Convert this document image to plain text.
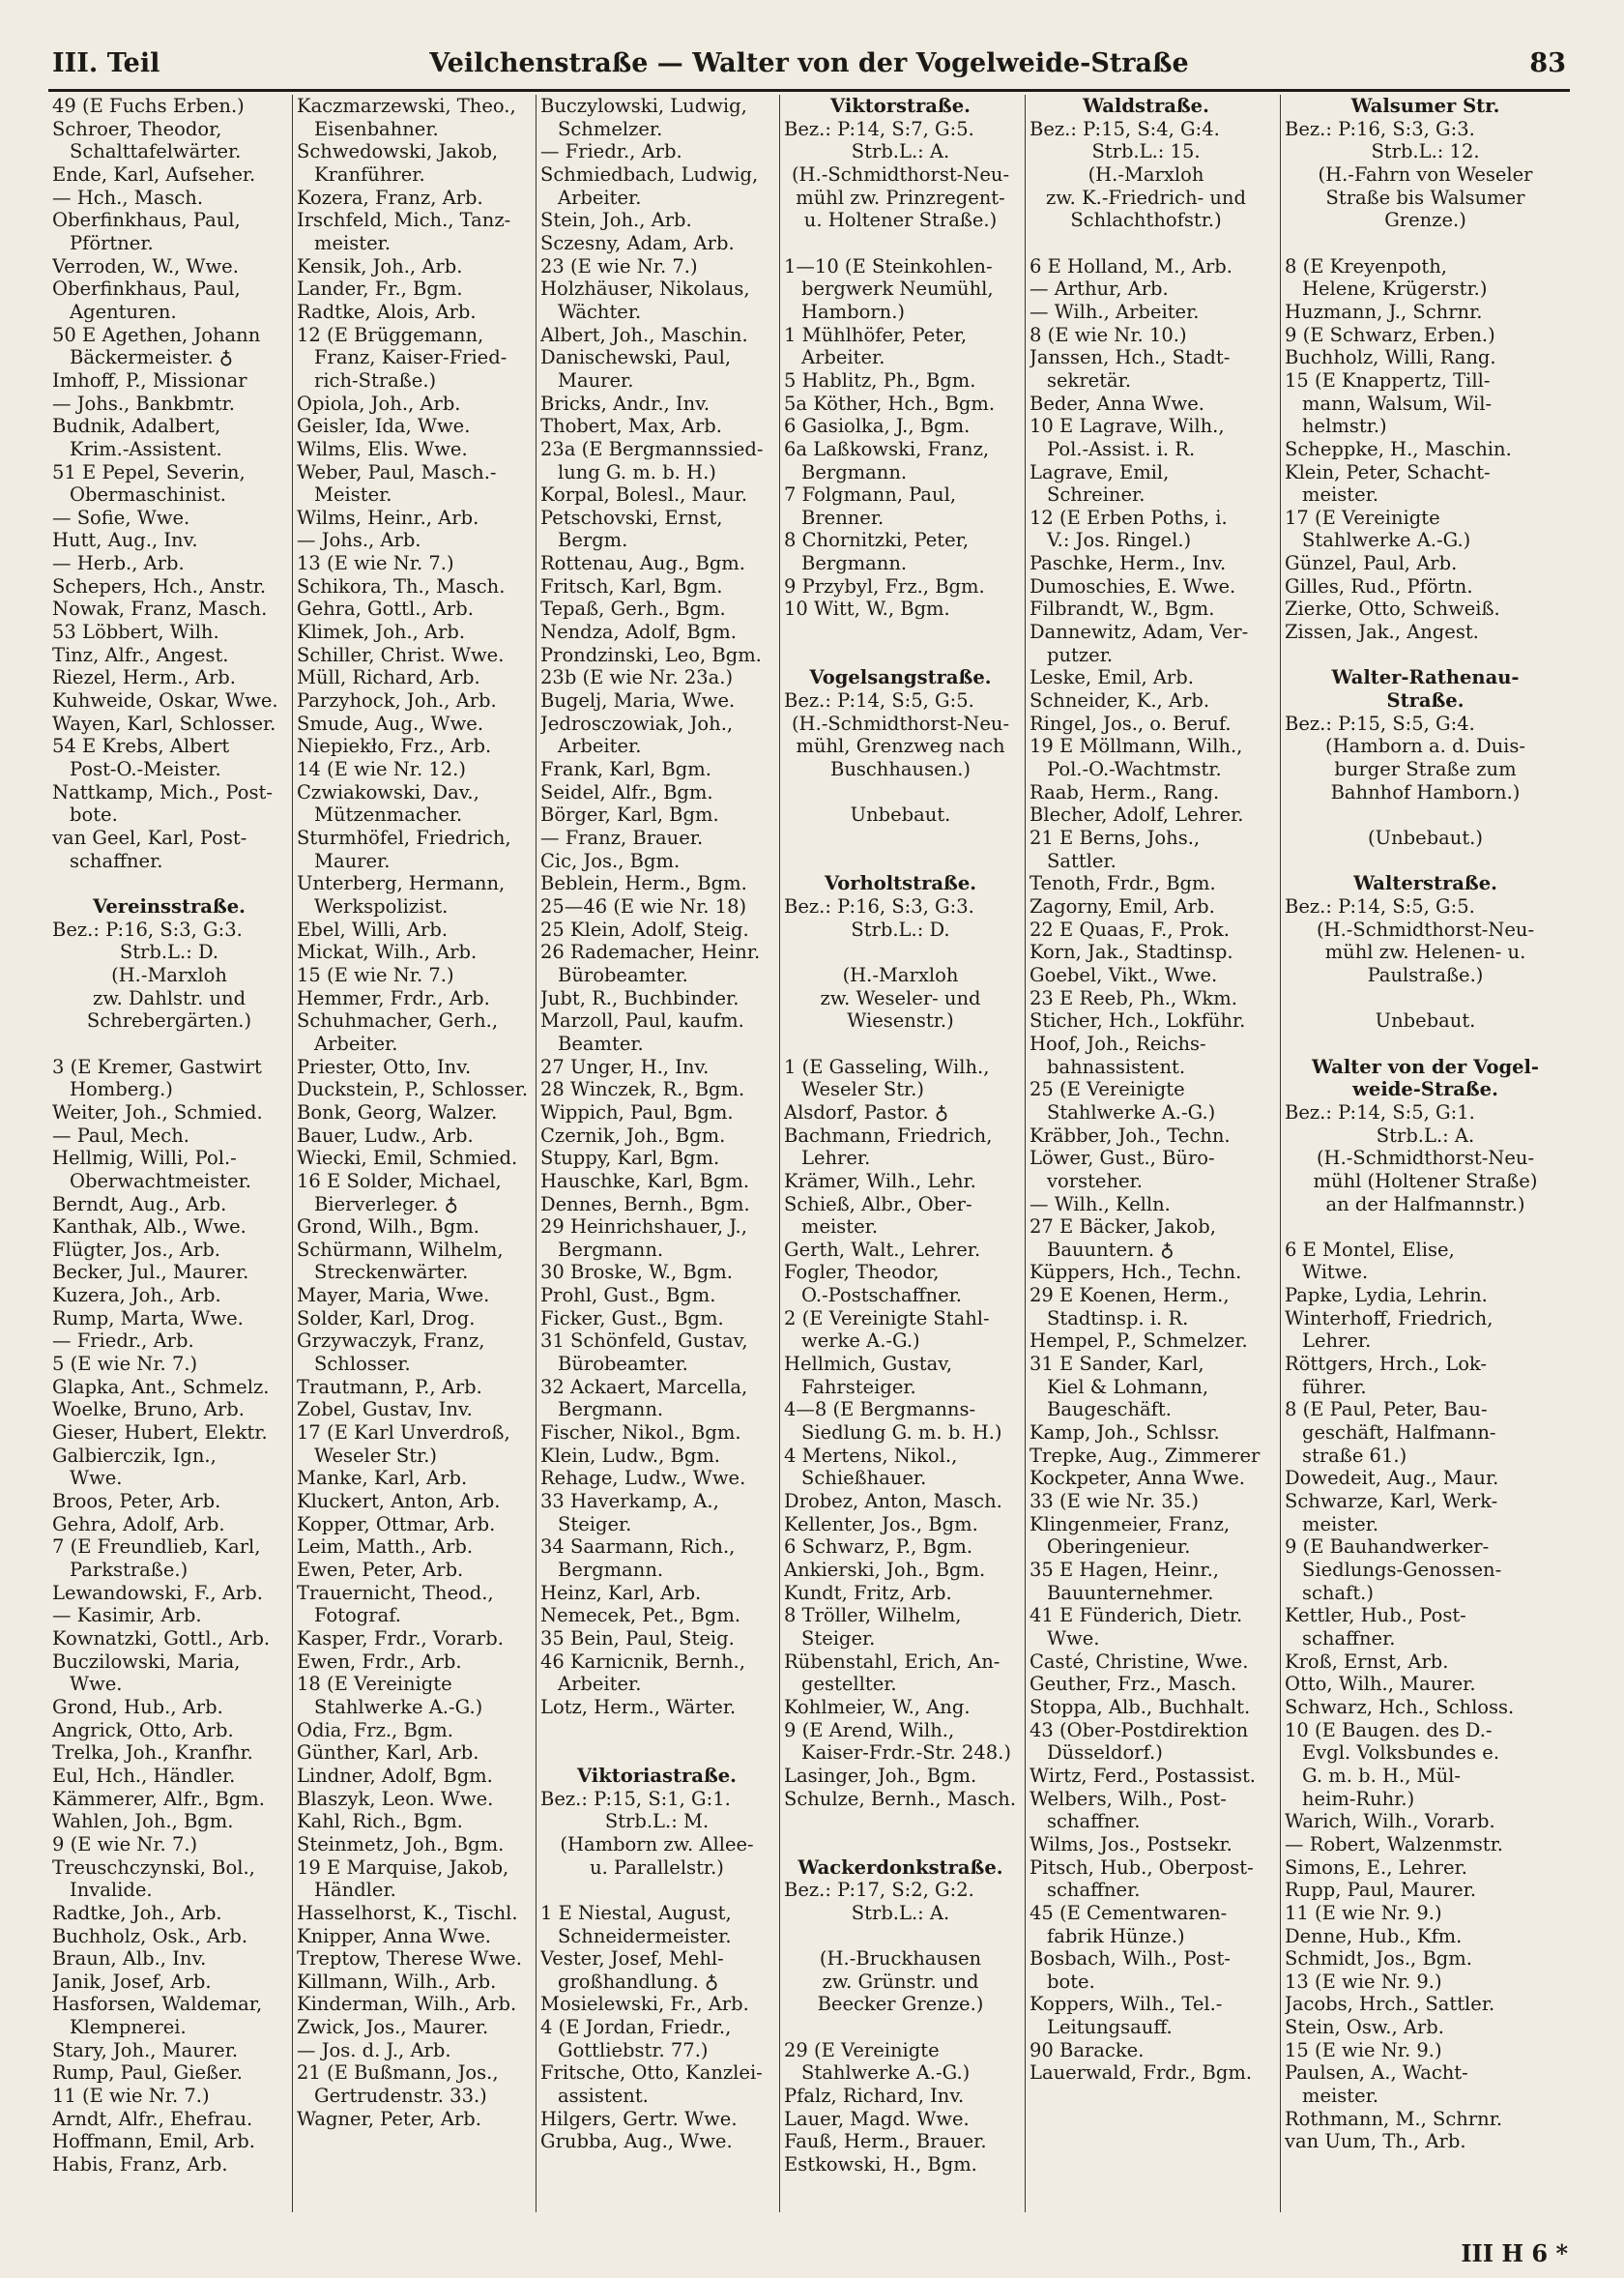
III. Teil	Veilchenstraße — Walter von der Vogelweide-Straße	83
49 (E Fuchs Erben.)
Schroer, Theodor,
Schalttafelwärter.
Ende, Karl, Aufseher.
— Hch., Masch.
Oberfinkhaus, Paul,
Pförtner.
Verroden, W., Wwe.
Oberfinkhaus, Paul,
Agenturen.
50 E Agethen, Johann
Bäckermeister. ♁
Imhoff, P., Missionar
— Johs., Bankbmtr.
Budnik, Adalbert,
Krim.-Assistent.
51 E Pepel, Severin,
Obermaschinist.
— Sofie, Wwe.
Hutt, Aug., Inv.
— Herb., Arb.
Schepers, Hch., Anstr.
Nowak, Franz, Masch.
53 Löbbert, Wilh.
Tinz, Alfr., Angest.
Riezel, Herm., Arb.
Kuhweide, Oskar, Wwe.
Wayen, Karl, Schlosser.
54 E Krebs, Albert
Post-O.-Meister.
Nattkamp, Mich., Post-
bote.
van Geel, Karl, Post-
schaffner.

Vereinsstraße.
Bez.: P:16, S:3, G:3.
Strb.L.: D.
(H.-Marxloh
zw. Dahlstr. und
Schrebergärten.)

3 (E Kremer, Gastwirt
Homberg.)
Weiter, Joh., Schmied.
— Paul, Mech.
Hellmig, Willi, Pol.-
Oberwachtmeister.
Berndt, Aug., Arb.
Kanthak, Alb., Wwe.
Flügter, Jos., Arb.
Becker, Jul., Maurer.
Kuzera, Joh., Arb.
Rump, Marta, Wwe.
— Friedr., Arb.
5 (E wie Nr. 7.)
Glapka, Ant., Schmelz.
Woelke, Bruno, Arb.
Gieser, Hubert, Elektr.
Galbierczik, Ign.,
Wwe.
Broos, Peter, Arb.
Gehra, Adolf, Arb.
7 (E Freundlieb, Karl,
Parkstraße.)
Lewandowski, F., Arb.
— Kasimir, Arb.
Kownatzki, Gottl., Arb.
Buczilowski, Maria,
Wwe.
Grond, Hub., Arb.
Angrick, Otto, Arb.
Trelka, Joh., Kranfhr.
Eul, Hch., Händler.
Kämmerer, Alfr., Bgm.
Wahlen, Joh., Bgm.
9 (E wie Nr. 7.)
Treuschczynski, Bol.,
Invalide.
Radtke, Joh., Arb.
Buchholz, Osk., Arb.
Braun, Alb., Inv.
Janik, Josef, Arb.
Hasforsen, Waldemar,
Klempnerei.
Stary, Joh., Maurer.
Rump, Paul, Gießer.
11 (E wie Nr. 7.)
Arndt, Alfr., Ehefrau.
Hoffmann, Emil, Arb.
Habis, Franz, Arb.
Kaczmarzewski, Theo.,
Eisenbahner.
Schwedowski, Jakob,
Kranführer.
Kozera, Franz, Arb.
Irschfeld, Mich., Tanz-
meister.
Kensik, Joh., Arb.
Lander, Fr., Bgm.
Radtke, Alois, Arb.
12 (E Brüggemann,
Franz, Kaiser-Fried-
rich-Straße.)
Opiola, Joh., Arb.
Geisler, Ida, Wwe.
Wilms, Elis. Wwe.
Weber, Paul, Masch.-
Meister.
Wilms, Heinr., Arb.
— Johs., Arb.
13 (E wie Nr. 7.)
Schikora, Th., Masch.
Gehra, Gottl., Arb.
Klimek, Joh., Arb.
Schiller, Christ. Wwe.
Müll, Richard, Arb.
Parzyhock, Joh., Arb.
Smude, Aug., Wwe.
Niepiekło, Frz., Arb.
14 (E wie Nr. 12.)
Czwiakowski, Dav.,
Mützenmacher.
Sturmhöfel, Friedrich,
Maurer.
Unterberg, Hermann,
Werkspolizist.
Ebel, Willi, Arb.
Mickat, Wilh., Arb.
15 (E wie Nr. 7.)
Hemmer, Frdr., Arb.
Schuhmacher, Gerh.,
Arbeiter.
Priester, Otto, Inv.
Duckstein, P., Schlosser.
Bonk, Georg, Walzer.
Bauer, Ludw., Arb.
Wiecki, Emil, Schmied.
16 E Solder, Michael,
Bierverleger. ♁
Grond, Wilh., Bgm.
Schürmann, Wilhelm,
Streckenwärter.
Mayer, Maria, Wwe.
Solder, Karl, Drog.
Grzywaczyk, Franz,
Schlosser.
Trautmann, P., Arb.
Zobel, Gustav, Inv.
17 (E Karl Unverdroß,
Weseler Str.)
Manke, Karl, Arb.
Kluckert, Anton, Arb.
Kopper, Ottmar, Arb.
Leim, Matth., Arb.
Ewen, Peter, Arb.
Trauernicht, Theod.,
Fotograf.
Kasper, Frdr., Vorarb.
Ewen, Frdr., Arb.
18 (E Vereinigte
Stahlwerke A.-G.)
Odia, Frz., Bgm.
Günther, Karl, Arb.
Lindner, Adolf, Bgm.
Blaszyk, Leon. Wwe.
Kahl, Rich., Bgm.
Steinmetz, Joh., Bgm.
19 E Marquise, Jakob,
Händler.
Hasselhorst, K., Tischl.
Knipper, Anna Wwe.
Treptow, Therese Wwe.
Killmann, Wilh., Arb.
Kinderman, Wilh., Arb.
Zwick, Jos., Maurer.
— Jos. d. J., Arb.
21 (E Bußmann, Jos.,
Gertrudenstr. 33.)
Wagner, Peter, Arb.
Buczylowski, Ludwig,
Schmelzer.
— Friedr., Arb.
Schmiedbach, Ludwig,
Arbeiter.
Stein, Joh., Arb.
Sczesny, Adam, Arb.
23 (E wie Nr. 7.)
Holzhäuser, Nikolaus,
Wächter.
Albert, Joh., Maschin.
Danischewski, Paul,
Maurer.
Bricks, Andr., Inv.
Thobert, Max, Arb.
23a (E Bergmannssied-
lung G. m. b. H.)
Korpal, Bolesl., Maur.
Petschovski, Ernst,
Bergm.
Rottenau, Aug., Bgm.
Fritsch, Karl, Bgm.
Tepaß, Gerh., Bgm.
Nendza, Adolf, Bgm.
Prondzinski, Leo, Bgm.
23b (E wie Nr. 23a.)
Bugelj, Maria, Wwe.
Jedrosczowiak, Joh.,
Arbeiter.
Frank, Karl, Bgm.
Seidel, Alfr., Bgm.
Börger, Karl, Bgm.
— Franz, Brauer.
Cic, Jos., Bgm.
Beblein, Herm., Bgm.
25—46 (E wie Nr. 18)
25 Klein, Adolf, Steig.
26 Rademacher, Heinr.
Bürobeamter.
Jubt, R., Buchbinder.
Marzoll, Paul, kaufm.
Beamter.
27 Unger, H., Inv.
28 Winczek, R., Bgm.
Wippich, Paul, Bgm.
Czernik, Joh., Bgm.
Stuppy, Karl, Bgm.
Hauschke, Karl, Bgm.
Dennes, Bernh., Bgm.
29 Heinrichshauer, J.,
Bergmann.
30 Broske, W., Bgm.
Prohl, Gust., Bgm.
Ficker, Gust., Bgm.
31 Schönfeld, Gustav,
Bürobeamter.
32 Ackaert, Marcella,
Bergmann.
Fischer, Nikol., Bgm.
Klein, Ludw., Bgm.
Rehage, Ludw., Wwe.
33 Haverkamp, A.,
Steiger.
34 Saarmann, Rich.,
Bergmann.
Heinz, Karl, Arb.
Nemecek, Pet., Bgm.
35 Bein, Paul, Steig.
46 Karnicnik, Bernh.,
Arbeiter.
Lotz, Herm., Wärter.

Viktoriastraße.
Bez.: P:15, S:1, G:1.
Strb.L.: M.
(Hamborn zw. Allee-
u. Parallelstr.)

1 E Niestal, August,
Schneidermeister.
Vester, Josef, Mehl-
großhandlung. ♁
Mosielewski, Fr., Arb.
4 (E Jordan, Friedr.,
Gottliebstr. 77.)
Fritsche, Otto, Kanzlei-
assistent.
Hilgers, Gertr. Wwe.
Grubba, Aug., Wwe.
Viktorstraße.
Bez.: P:14, S:7, G:5.
Strb.L.: A.
(H.-Schmidthorst-Neu-
mühl zw. Prinzregent-
u. Holtener Straße.)

1—10 (E Steinkohlen-
bergwerk Neumühl,
Hamborn.)
1 Mühlhöfer, Peter,
Arbeiter.
5 Hablitz, Ph., Bgm.
5a Köther, Hch., Bgm.
6 Gasiolka, J., Bgm.
6a Laßkowski, Franz,
Bergmann.
7 Folgmann, Paul,
Brenner.
8 Chornitzki, Peter,
Bergmann.
9 Przybyl, Frz., Bgm.
10 Witt, W., Bgm.

Vogelsangstraße.
Bez.: P:14, S:5, G:5.
(H.-Schmidthorst-Neu-
mühl, Grenzweg nach
Buschhausen.)

Unbebaut.

Vorholtstraße.
Bez.: P:16, S:3, G:3.
Strb.L.: D.

(H.-Marxloh
zw. Weseler- und
Wiesenstr.)

1 (E Gasseling, Wilh.,
Weseler Str.)
Alsdorf, Pastor. ♁
Bachmann, Friedrich,
Lehrer.
Krämer, Wilh., Lehr.
Schieß, Albr., Ober-
meister.
Gerth, Walt., Lehrer.
Fogler, Theodor,
O.-Postschaffner.
2 (E Vereinigte Stahl-
werke A.-G.)
Hellmich, Gustav,
Fahrsteiger.
4—8 (E Bergmanns-
Siedlung G. m. b. H.)
4 Mertens, Nikol.,
Schießhauer.
Drobez, Anton, Masch.
Kellenter, Jos., Bgm.
6 Schwarz, P., Bgm.
Ankierski, Joh., Bgm.
Kundt, Fritz, Arb.
8 Tröller, Wilhelm,
Steiger.
Rübenstahl, Erich, An-
gestellter.
Kohlmeier, W., Ang.
9 (E Arend, Wilh.,
Kaiser-Frdr.-Str. 248.)
Lasinger, Joh., Bgm.
Schulze, Bernh., Masch.

Wackerdonkstraße.
Bez.: P:17, S:2, G:2.
Strb.L.: A.

(H.-Bruckhausen
zw. Grünstr. und
Beecker Grenze.)

29 (E Vereinigte
Stahlwerke A.-G.)
Pfalz, Richard, Inv.
Lauer, Magd. Wwe.
Fauß, Herm., Brauer.
Estkowski, H., Bgm.
Waldstraße.
Bez.: P:15, S:4, G:4.
Strb.L.: 15.
(H.-Marxloh
zw. K.-Friedrich- und
Schlachthofstr.)

6 E Holland, M., Arb.
— Arthur, Arb.
— Wilh., Arbeiter.
8 (E wie Nr. 10.)
Janssen, Hch., Stadt-
sekretär.
Beder, Anna Wwe.
10 E Lagrave, Wilh.,
Pol.-Assist. i. R.
Lagrave, Emil,
Schreiner.
12 (E Erben Poths, i.
V.: Jos. Ringel.)
Paschke, Herm., Inv.
Dumoschies, E. Wwe.
Filbrandt, W., Bgm.
Dannewitz, Adam, Ver-
putzer.
Leske, Emil, Arb.
Schneider, K., Arb.
Ringel, Jos., o. Beruf.
19 E Möllmann, Wilh.,
Pol.-O.-Wachtmstr.
Raab, Herm., Rang.
Blecher, Adolf, Lehrer.
21 E Berns, Johs.,
Sattler.
Tenoth, Frdr., Bgm.
Zagorny, Emil, Arb.
22 E Quaas, F., Prok.
Korn, Jak., Stadtinsp.
Goebel, Vikt., Wwe.
23 E Reeb, Ph., Wkm.
Sticher, Hch., Lokführ.
Hoof, Joh., Reichs-
bahnassistent.
25 (E Vereinigte
Stahlwerke A.-G.)
Kräbber, Joh., Techn.
Löwer, Gust., Büro-
vorsteher.
— Wilh., Kelln.
27 E Bäcker, Jakob,
Bauuntern. ♁
Küppers, Hch., Techn.
29 E Koenen, Herm.,
Stadtinsp. i. R.
Hempel, P., Schmelzer.
31 E Sander, Karl,
Kiel & Lohmann,
Baugeschäft.
Kamp, Joh., Schlssr.
Trepke, Aug., Zimmerer
Kockpeter, Anna Wwe.
33 (E wie Nr. 35.)
Klingenmeier, Franz,
Oberingenieur.
35 E Hagen, Heinr.,
Bauunternehmer.
41 E Fünderich, Dietr.
Wwe.
Casté, Christine, Wwe.
Geuther, Frz., Masch.
Stoppa, Alb., Buchhalt.
43 (Ober-Postdirektion
Düsseldorf.)
Wirtz, Ferd., Postassist.
Welbers, Wilh., Post-
schaffner.
Wilms, Jos., Postsekr.
Pitsch, Hub., Oberpost-
schaffner.
45 (E Cementwaren-
fabrik Hünze.)
Bosbach, Wilh., Post-
bote.
Koppers, Wilh., Tel.-
Leitungsauff.
90 Baracke.
Lauerwald, Frdr., Bgm.
Walsumer Str.
Bez.: P:16, S:3, G:3.
Strb.L.: 12.
(H.-Fahrn von Weseler
Straße bis Walsumer
Grenze.)

8 (E Kreyenpoth,
Helene, Krügerstr.)
Huzmann, J., Schrnr.
9 (E Schwarz, Erben.)
Buchholz, Willi, Rang.
15 (E Knappertz, Till-
mann, Walsum, Wil-
helmstr.)
Scheppke, H., Maschin.
Klein, Peter, Schacht-
meister.
17 (E Vereinigte
Stahlwerke A.-G.)
Günzel, Paul, Arb.
Gilles, Rud., Pförtn.
Zierke, Otto, Schweiß.
Zissen, Jak., Angest.

Walter-Rathenau-
Straße.
Bez.: P:15, S:5, G:4.
(Hamborn a. d. Duis-
burger Straße zum
Bahnhof Hamborn.)

(Unbebaut.)

Walterstraße.
Bez.: P:14, S:5, G:5.
(H.-Schmidthorst-Neu-
mühl zw. Helenen- u.
Paulstraße.)

Unbebaut.

Walter von der Vogel-
weide-Straße.
Bez.: P:14, S:5, G:1.
Strb.L.: A.
(H.-Schmidthorst-Neu-
mühl (Holtener Straße)
an der Halfmannstr.)

6 E Montel, Elise,
Witwe.
Papke, Lydia, Lehrin.
Winterhoff, Friedrich,
Lehrer.
Röttgers, Hrch., Lok-
führer.
8 (E Paul, Peter, Bau-
geschäft, Halfmann-
straße 61.)
Dowedeit, Aug., Maur.
Schwarze, Karl, Werk-
meister.
9 (E Bauhandwerker-
Siedlungs-Genossen-
schaft.)
Kettler, Hub., Post-
schaffner.
Kroß, Ernst, Arb.
Otto, Wilh., Maurer.
Schwarz, Hch., Schloss.
10 (E Baugen. des D.-
Evgl. Volksbundes e.
G. m. b. H., Mül-
heim-Ruhr.)
Warich, Wilh., Vorarb.
— Robert, Walzenmstr.
Simons, E., Lehrer.
Rupp, Paul, Maurer.
11 (E wie Nr. 9.)
Denne, Hub., Kfm.
Schmidt, Jos., Bgm.
13 (E wie Nr. 9.)
Jacobs, Hrch., Sattler.
Stein, Osw., Arb.
15 (E wie Nr. 9.)
Paulsen, A., Wacht-
meister.
Rothmann, M., Schrnr.
van Uum, Th., Arb.
III H 6 *
